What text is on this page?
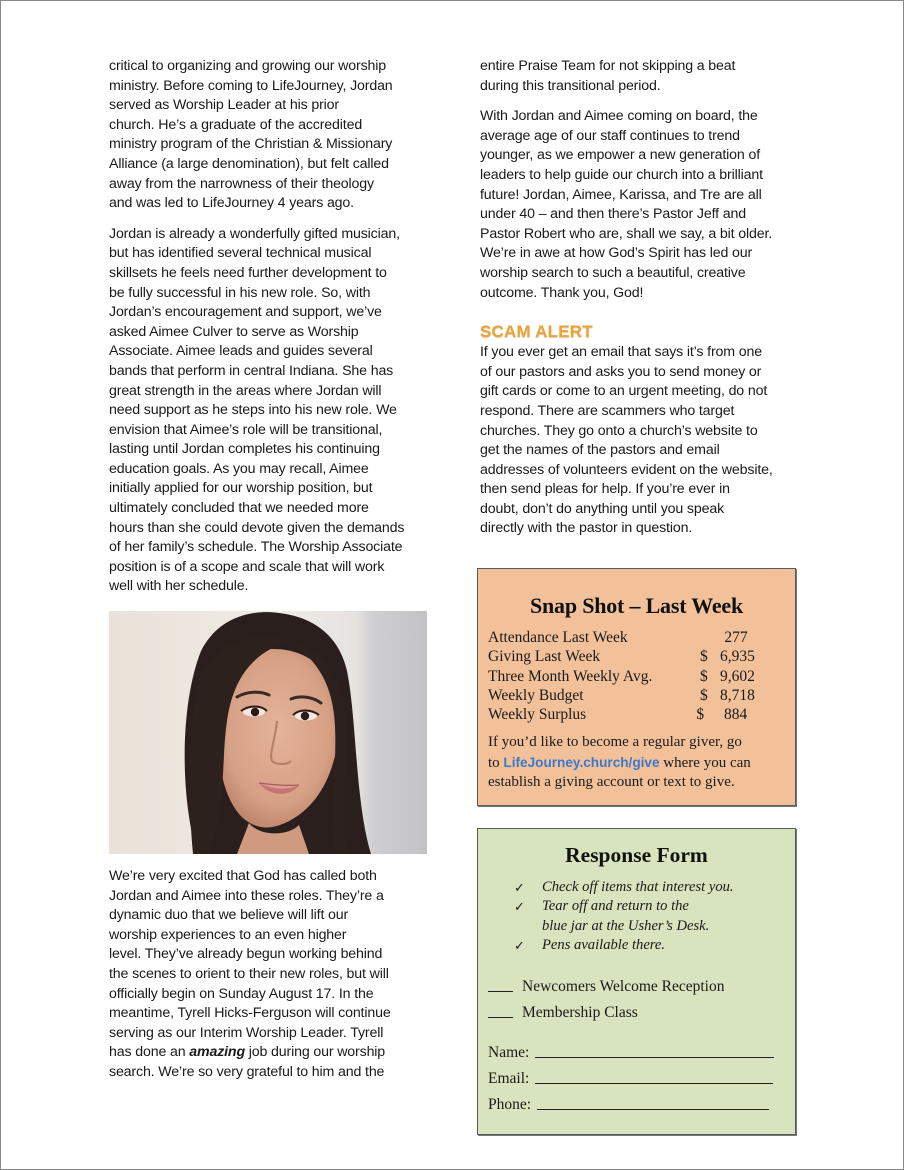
critical to organizing and growing our worship
ministry. Before coming to LifeJourney, Jordan
served as Worship Leader at his prior
church. He’s a graduate of the accredited
ministry program of the Christian & Missionary
Alliance (a large denomination), but felt called
away from the narrowness of their theology
and was led to LifeJourney 4 years ago.

Jordan is already a wonderfully gifted musician,
but has identified several technical musical
skillsets he feels need further development to
be fully successful in his new role. So, with
Jordan’s encouragement and support, we’ve
asked Aimee Culver to serve as Worship
Associate. Aimee leads and guides several
bands that perform in central Indiana. She has
great strength in the areas where Jordan will
need support as he steps into his new role. We
envision that Aimee’s role will be transitional,
lasting until Jordan completes his continuing
education goals. As you may recall, Aimee
initially applied for our worship position, but
ultimately concluded that we needed more
hours than she could devote given the demands
of her family’s schedule. The Worship Associate
position is of a scope and scale that will work
well with her schedule.

We’re very excited that God has called both
Jordan and Aimee into these roles. They’re a
dynamic duo that we believe will lift our
worship experiences to an even higher
level. They’ve already begun working behind
the scenes to orient to their new roles, but will
officially begin on Sunday August 17. In the
meantime, Tyrell Hicks-Ferguson will continue
serving as our Interim Worship Leader. Tyrell
has done an amazing job during our worship
search. We’re so very grateful to him and the

entire Praise Team for not skipping a beat
during this transitional period.

With Jordan and Aimee coming on board, the
average age of our staff continues to trend
younger, as we empower a new generation of
leaders to help guide our church into a brilliant
future! Jordan, Aimee, Karissa, and Tre are all
under 40 – and then there’s Pastor Jeff and
Pastor Robert who are, shall we say, a bit older.
We’re in awe at how God’s Spirit has led our
worship search to such a beautiful, creative
outcome. Thank you, God!

SCAM ALERT

If you ever get an email that says it’s from one
of our pastors and asks you to send money or
gift cards or come to an urgent meeting, do not
respond. There are scammers who target
churches. They go onto a church’s website to
get the names of the pastors and email
addresses of volunteers evident on the website,
then send pleas for help. If you’re ever in
doubt, don’t do anything until you speak
directly with the pastor in question.

Snap Shot – Last Week
Attendance Last Week	277
Giving Last Week	$ 6,935
Three Month Weekly Avg.	$ 9,602
Weekly Budget	$ 8,718
Weekly Surplus	$	884
If you’d like to become a regular giver, go
to LifeJourney.church/give where you can
establish a giving account or text to give.
Response Form
✓	Check off items that interest you.
✓	Tear off and return to the
blue jar at the Usher’s Desk.
✓	Pens available there.
Newcomers Welcome Reception
Membership Class
Name:
Email:
Phone:
